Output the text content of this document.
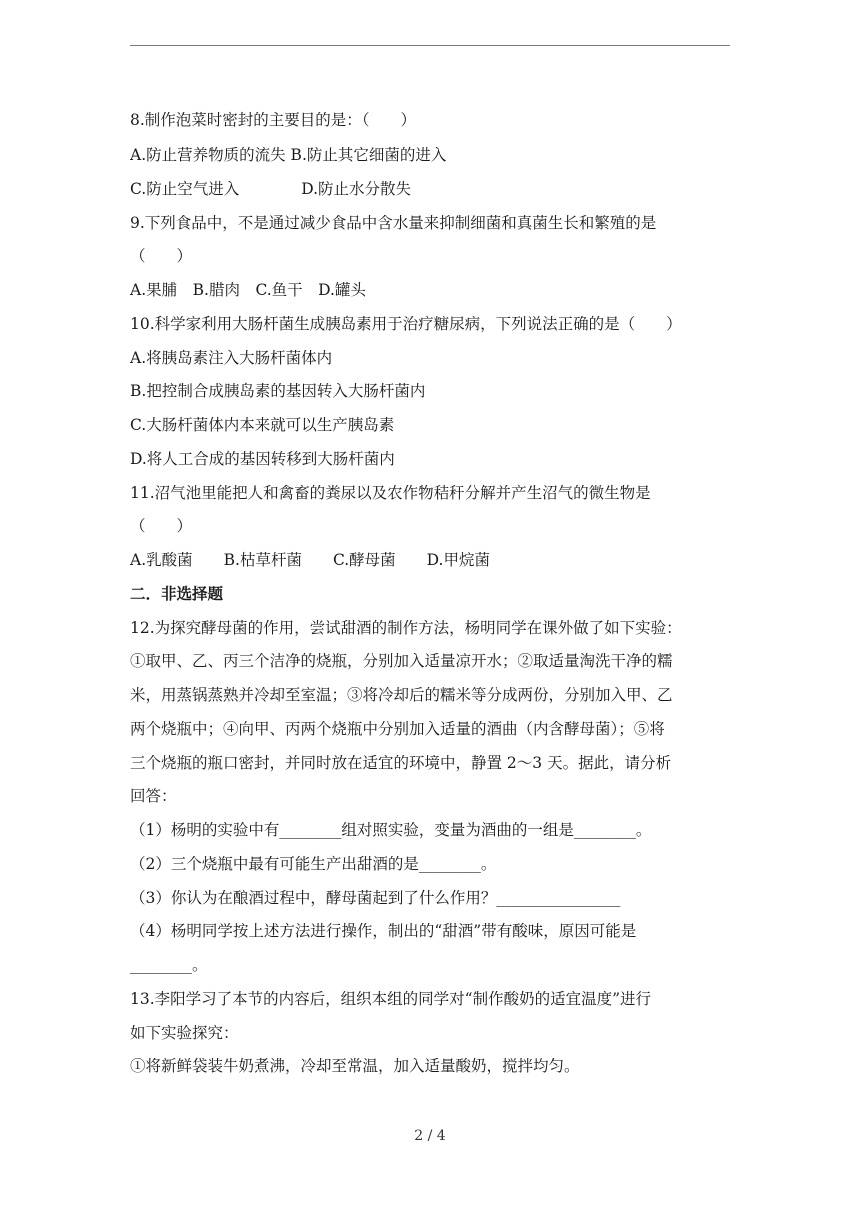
8.制作泡菜时密封的主要目的是：（　　）
A.防止营养物质的流失 B.防止其它细菌的进入
C.防止空气进入　　　　D.防止水分散失
9.下列食品中，不是通过减少食品中含水量来抑制细菌和真菌生长和繁殖的是
（　　）
A.果脯　B.腊肉　C.鱼干　D.罐头
10.科学家利用大肠杆菌生成胰岛素用于治疗糖尿病，下列说法正确的是（　　）
A.将胰岛素注入大肠杆菌体内
B.把控制合成胰岛素的基因转入大肠杆菌内
C.大肠杆菌体内本来就可以生产胰岛素
D.将人工合成的基因转移到大肠杆菌内
11.沼气池里能把人和禽畜的粪尿以及农作物秸秆分解并产生沼气的微生物是
（　　）
A.乳酸菌　　B.枯草杆菌　　C.酵母菌　　D.甲烷菌
二．非选择题
12.为探究酵母菌的作用，尝试甜酒的制作方法，杨明同学在课外做了如下实验：
①取甲、乙、丙三个洁净的烧瓶，分别加入适量凉开水；②取适量淘洗干净的糯
米，用蒸锅蒸熟并冷却至室温；③将冷却后的糯米等分成两份，分别加入甲、乙
两个烧瓶中；④向甲、丙两个烧瓶中分别加入适量的酒曲（内含酵母菌）；⑤将
三个烧瓶的瓶口密封，并同时放在适宜的环境中，静置 2～3 天。据此，请分析
回答：
（1）杨明的实验中有________组对照实验，变量为酒曲的一组是________。
（2）三个烧瓶中最有可能生产出甜酒的是________。
（3）你认为在酿酒过程中，酵母菌起到了什么作用？________________
（4）杨明同学按上述方法进行操作，制出的“甜酒”带有酸味，原因可能是
________。
13.李阳学习了本节的内容后，组织本组的同学对“制作酸奶的适宜温度”进行
如下实验探究：
①将新鲜袋装牛奶煮沸，冷却至常温，加入适量酸奶，搅拌均匀。
2 / 4
